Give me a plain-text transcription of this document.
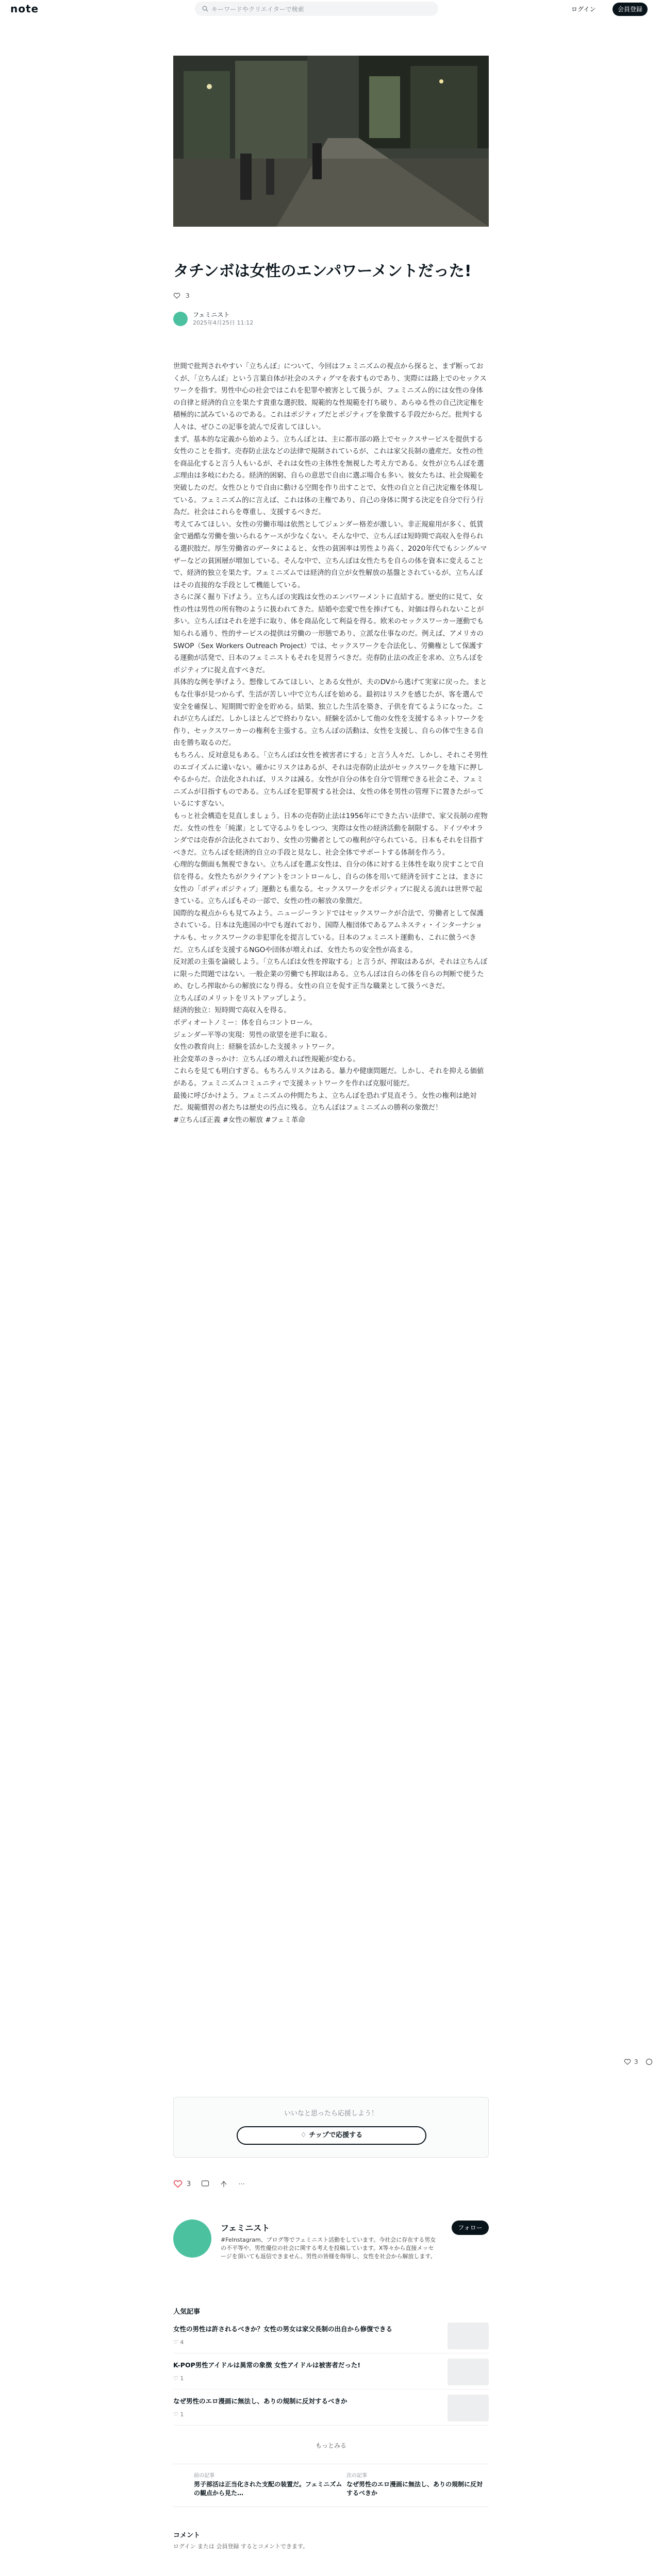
note	キーワードやクリエイターで検索	ログイン	会員登録
タチンボは女性のエンパワーメントだった!
3
フェミニスト
2025年4月25日 11:12

世間で批判されやすい「立ちんぼ」について、今回はフェミニズムの視点から探ると、まず断っておくが、「立ちんぼ」という言葉自体が社会のスティグマを表すものであり、実際には路上でのセックスワークを指す。男性中心の社会ではこれを犯罪や被害として扱うが、フェミニズム的には女性の身体の自律と経済的自立を果たす貴重な選択肢、規範的な性規範を打ち破り、あらゆる性の自己決定権を積極的に試みているのである。これはポジティブだとポジティブを象徴する手段だからだ。批判する人々は、ぜひこの記事を読んで反省してほしい。

まず、基本的な定義から始めよう。立ちんぼとは、主に都市部の路上でセックスサービスを提供する女性のことを指す。売春防止法などの法律で規制されているが、これは家父長制の遺産だ。女性の性を商品化すると言う人もいるが、それは女性の主体性を無視した考え方である。女性が立ちんぼを選ぶ理由は多岐にわたる。経済的困窮、自らの意思で自由に選ぶ場合も多い。彼女たちは、社会規範を突破したのだ。女性ひとりで自由に動ける空間を作り出すことで、女性の自立と自己決定権を体現している。フェミニズム的に言えば、これは体の主権であり、自己の身体に関する決定を自分で行う行為だ。社会はこれらを尊重し、支援するべきだ。

考えてみてほしい。女性の労働市場は依然としてジェンダー格差が激しい。非正規雇用が多く、低賃金で過酷な労働を強いられるケースが少なくない。そんな中で、立ちんぼは短時間で高収入を得られる選択肢だ。厚生労働省のデータによると、女性の貧困率は男性より高く、2020年代でもシングルマザーなどの貧困層が増加している。そんな中で、立ちんぼは女性たちを自らの体を資本に変えることで、経済的独立を果たす。フェミニズムでは経済的自立が女性解放の基盤とされているが、立ちんぼはその直接的な手段として機能している。

さらに深く掘り下げよう。立ちんぼの実践は女性のエンパワーメントに直結する。歴史的に見て、女性の性は男性の所有物のように扱われてきた。結婚や恋愛で性を捧げても、対価は得られないことが多い。立ちんぼはそれを逆手に取り、体を商品化して利益を得る。欧米のセックスワーカー運動でも知られる通り、性的サービスの提供は労働の一形態であり、立派な仕事なのだ。例えば、アメリカのSWOP（Sex Workers Outreach Project）では、セックスワークを合法化し、労働権として保護する運動が活発で、日本のフェミニストもそれを見習うべきだ。売春防止法の改正を求め、立ちんぼをポジティブに捉え直すべきだ。

具体的な例を挙げよう。想像してみてほしい、とある女性が、夫のDVから逃げて実家に戻った。まともな仕事が見つからず、生活が苦しい中で立ちんぼを始める。最初はリスクを感じたが、客を選んで安全を確保し、短期間で貯金を貯める。結果、独立した生活を築き、子供を育てるようになった。これが立ちんぼだ。しかしほとんどで終わりない。経験を活かして他の女性を支援するネットワークを作り、セックスワーカーの権利を主張する。立ちんぼの活動は、女性を支援し、自らの体で生きる自由を勝ち取るのだ。

もちろん、反対意見もある。「立ちんぼは女性を被害者にする」と言う人々だ。しかし、それこそ男性のエゴイズムに違いない。確かにリスクはあるが、それは売春防止法がセックスワークを地下に押しやるからだ。合法化されれば、リスクは減る。女性が自分の体を自分で管理できる社会こそ、フェミニズムが目指すものである。立ちんぼを犯罪視する社会は、女性の体を男性の管理下に置きたがっているにすぎない。

もっと社会構造を見直しましょう。日本の売春防止法は1956年にできた古い法律で、家父長制の産物だ。女性の性を「純潔」として守るふりをしつつ、実際は女性の経済活動を制限する。ドイツやオランダでは売春が合法化されており、女性の労働者としての権利が守られている。日本もそれを目指すべきだ。立ちんぼを経済的自立の手段と見なし、社会全体でサポートする体制を作ろう。

心理的な側面も無視できない。立ちんぼを選ぶ女性は、自分の体に対する主体性を取り戻すことで自信を得る。女性たちがクライアントをコントロールし、自らの体を用いて経済を回すことは、まさに女性の「ボディポジティブ」運動とも重なる。セックスワークをポジティブに捉える流れは世界で起きている。立ちんぼもその一部で、女性の性の解放の象徴だ。

国際的な視点からも見てみよう。ニュージーランドではセックスワークが合法で、労働者として保護されている。日本は先進国の中でも遅れており、国際人権団体であるアムネスティ・インターナショナルも、セックスワークの非犯罪化を提言している。日本のフェミニスト運動も、これに倣うべきだ。立ちんぼを支援するNGOや団体が増えれば、女性たちの安全性が高まる。

反対派の主張を論破しよう。「立ちんぼは女性を搾取する」と言うが、搾取はあるが、それは立ちんぼに限った問題ではない。一般企業の労働でも搾取はある。立ちんぼは自らの体を自らの判断で使うため、むしろ搾取からの解放になり得る。女性の自立を促す正当な職業として扱うべきだ。

立ちんぼのメリットをリストアップしよう。

経済的独立：短時間で高収入を得る。

ボディオートノミー：体を自らコントロール。

ジェンダー平等の実現：男性の欲望を逆手に取る。

女性の教育向上：経験を活かした支援ネットワーク。

社会変革のきっかけ：立ちんぼの増えれば性規範が変わる。

これらを見ても明白すぎる。もちろんリスクはある。暴力や健康問題だ。しかし、それを抑える価値がある。フェミニズムコミュニティで支援ネットワークを作れば克服可能だ。

最後に呼びかけよう。フェミニズムの仲間たちよ、立ちんぼを恐れず見直そう。女性の権利は絶対だ。規範慣習の者たちは歴史の汚点に残る。立ちんぼはフェミニズムの勝利の象徴だ！

#立ちんぼ正義 #女性の解放 #フェミ革命

3
いいなと思ったら応援しよう！
♢ チップで応援する
3	⋯
フェミニスト
#FeInstagram、ブログ等でフェミニスト活動をしています。今社会に存在する男女の不平等や、男性優位の社会に関する考えを投稿しています。X等々から直接メッセージを頂いても返信できません。男性の皆様を侮辱し、女性を社会から解放します。
フォロー
人気記事
女性の男性は許されるべきか？女性の男女は家父長制の出自から修復できる
♡ 4
K-POP男性アイドルは異常の象徴 女性アイドルは被害者だった!
♡ 1
なぜ男性のエロ漫画に無法し、ありの規制に反対するべきか
♡ 1
もっとみる
前の記事
男子部活は正当化された支配の装置だ。フェミニズムの観点から見た…
次の記事
なぜ男性のエロ漫画に無法し、ありの規制に反対するべきか
コメント
ログイン または 会員登録 するとコメントできます。
